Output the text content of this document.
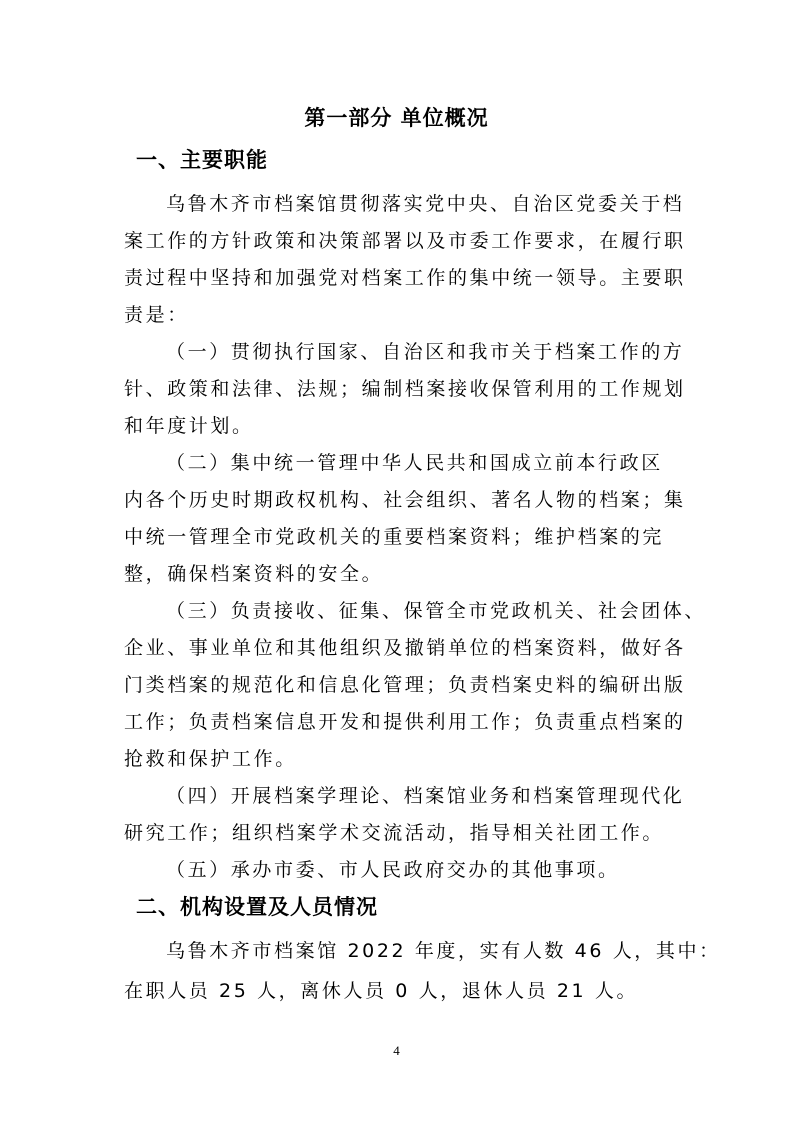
第一部分 单位概况
一、主要职能
乌鲁木齐市档案馆贯彻落实党中央、自治区党委关于档
案工作的方针政策和决策部署以及市委工作要求，在履行职
责过程中坚持和加强党对档案工作的集中统一领导。主要职
责是：
（一）贯彻执行国家、自治区和我市关于档案工作的方
针、政策和法律、法规；编制档案接收保管利用的工作规划
和年度计划。
（二）集中统一管理中华人民共和国成立前本行政区
内各个历史时期政权机构、社会组织、著名人物的档案；集
中统一管理全市党政机关的重要档案资料；维护档案的完
整，确保档案资料的安全。
（三）负责接收、征集、保管全市党政机关、社会团体、
企业、事业单位和其他组织及撤销单位的档案资料，做好各
门类档案的规范化和信息化管理；负责档案史料的编研出版
工作；负责档案信息开发和提供利用工作；负责重点档案的
抢救和保护工作。
（四）开展档案学理论、档案馆业务和档案管理现代化
研究工作；组织档案学术交流活动，指导相关社团工作。
（五）承办市委、市人民政府交办的其他事项。
二、机构设置及人员情况
乌鲁木齐市档案馆 2022 年度，实有人数 46 人，其中：
在职人员 25 人，离休人员 0 人，退休人员 21 人。
4
